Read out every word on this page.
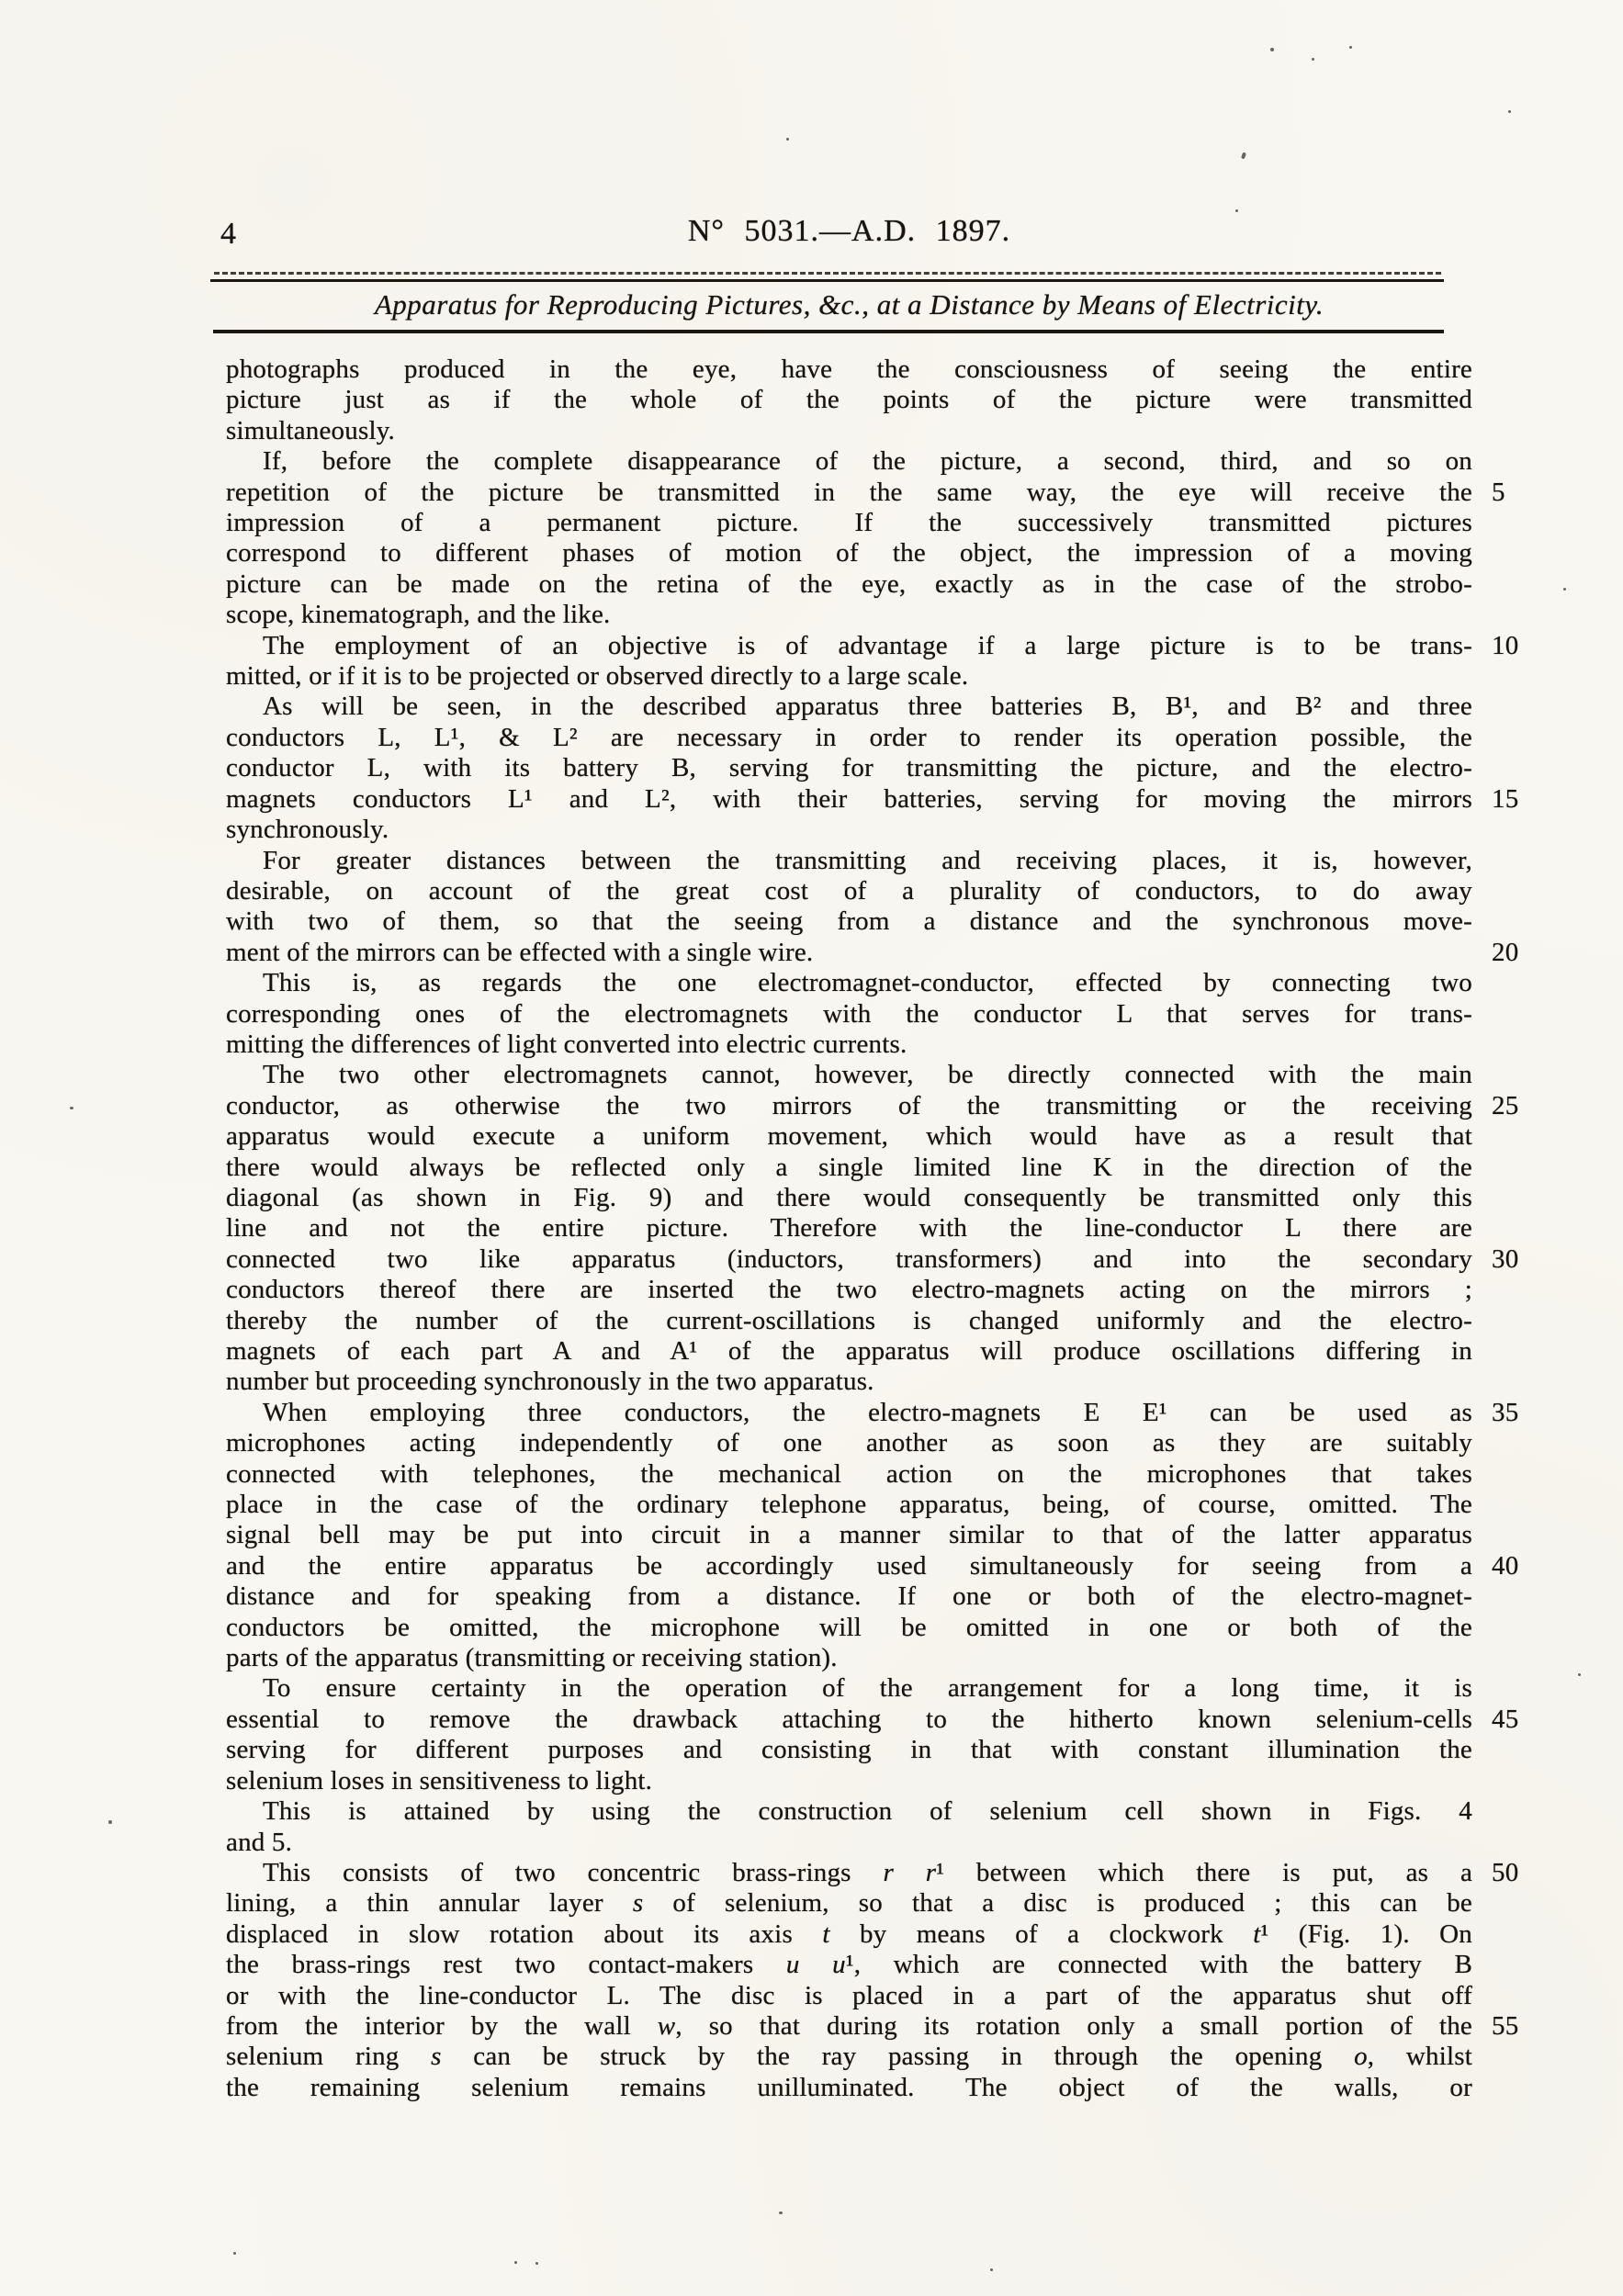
4	N° 5031.—A.D. 1897.
Apparatus for Reproducing Pictures, &c., at a Distance by Means of Electricity.
photographs produced in the eye, have the consciousness of seeing the entire
picture just as if the whole of the points of the picture were transmitted
simultaneously.
If, before the complete disappearance of the picture, a second, third, and so on
repetition of the picture be transmitted in the same way, the eye will receive the 5
impression of a permanent picture. If the successively transmitted pictures
correspond to different phases of motion of the object, the impression of a moving
picture can be made on the retina of the eye, exactly as in the case of the strobo-
scope, kinematograph, and the like.
The employment of an objective is of advantage if a large picture is to be trans- 10
mitted, or if it is to be projected or observed directly to a large scale.
As will be seen, in the described apparatus three batteries B, B¹, and B² and three
conductors L, L¹, & L² are necessary in order to render its operation possible, the
conductor L, with its battery B, serving for transmitting the picture, and the electro-
magnets conductors L¹ and L², with their batteries, serving for moving the mirrors 15
synchronously.
For greater distances between the transmitting and receiving places, it is, however,
desirable, on account of the great cost of a plurality of conductors, to do away
with two of them, so that the seeing from a distance and the synchronous move-
ment of the mirrors can be effected with a single wire.	20
This is, as regards the one electromagnet-conductor, effected by connecting two
corresponding ones of the electromagnets with the conductor L that serves for trans-
mitting the differences of light converted into electric currents.
The two other electromagnets cannot, however, be directly connected with the main
conductor, as otherwise the two mirrors of the transmitting or the receiving 25
apparatus would execute a uniform movement, which would have as a result that
there would always be reflected only a single limited line K in the direction of the
diagonal (as shown in Fig. 9) and there would consequently be transmitted only this
line and not the entire picture. Therefore with the line-conductor L there are
connected two like apparatus (inductors, transformers) and into the secondary 30
conductors thereof there are inserted the two electro-magnets acting on the mirrors ;
thereby the number of the current-oscillations is changed uniformly and the electro-
magnets of each part A and A¹ of the apparatus will produce oscillations differing in
number but proceeding synchronously in the two apparatus.
When employing three conductors, the electro-magnets E E¹ can be used as 35
microphones acting independently of one another as soon as they are suitably
connected with telephones, the mechanical action on the microphones that takes
place in the case of the ordinary telephone apparatus, being, of course, omitted. The
signal bell may be put into circuit in a manner similar to that of the latter apparatus
and the entire apparatus be accordingly used simultaneously for seeing from a 40
distance and for speaking from a distance. If one or both of the electro-magnet-
conductors be omitted, the microphone will be omitted in one or both of the
parts of the apparatus (transmitting or receiving station).
To ensure certainty in the operation of the arrangement for a long time, it is
essential to remove the drawback attaching to the hitherto known selenium-cells 45
serving for different purposes and consisting in that with constant illumination the
selenium loses in sensitiveness to light.
This is attained by using the construction of selenium cell shown in Figs. 4
and 5.
This consists of two concentric brass-rings r r¹ between which there is put, as a 50
lining, a thin annular layer s of selenium, so that a disc is produced ; this can be
displaced in slow rotation about its axis t by means of a clockwork t¹ (Fig. 1). On
the brass-rings rest two contact-makers u u¹, which are connected with the battery B
or with the line-conductor L. The disc is placed in a part of the apparatus shut off
from the interior by the wall w, so that during its rotation only a small portion of the 55
selenium ring s can be struck by the ray passing in through the opening o, whilst
the remaining selenium remains unilluminated. The object of the walls, or
